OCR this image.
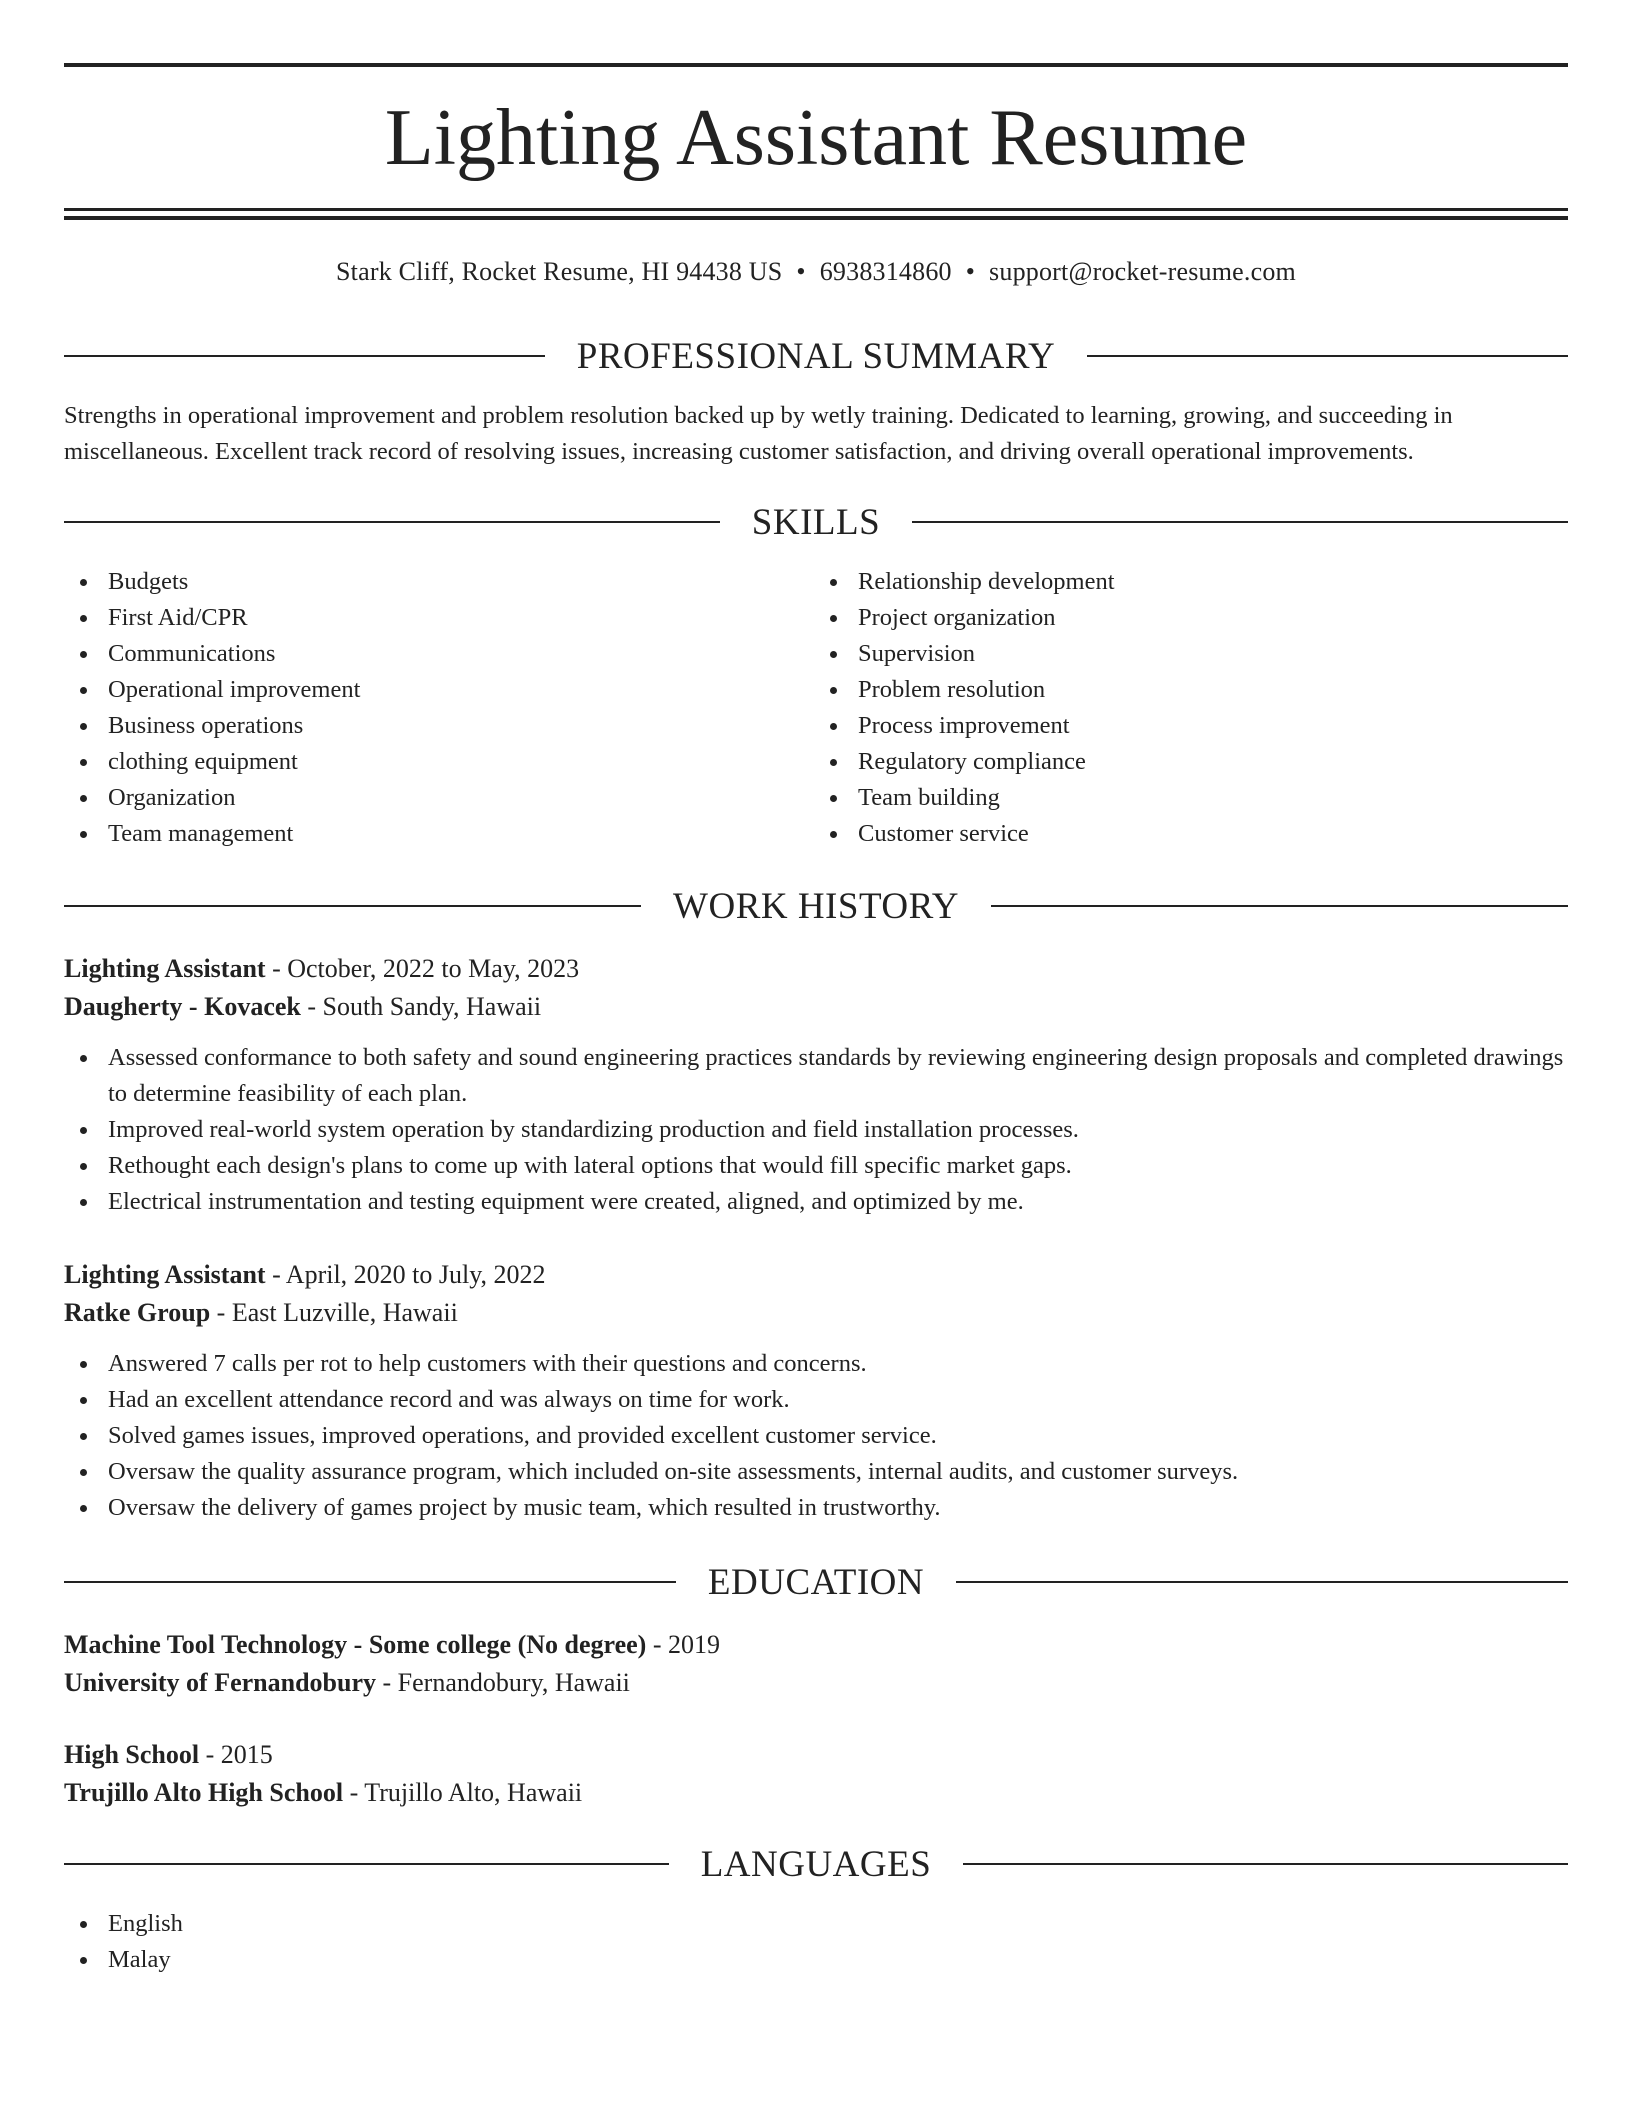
Lighting Assistant Resume
Stark Cliff, Rocket Resume, HI 94438 US • 6938314860 • support@rocket-resume.com
PROFESSIONAL SUMMARY
Strengths in operational improvement and problem resolution backed up by wetly training. Dedicated to learning, growing, and succeeding in miscellaneous. Excellent track record of resolving issues, increasing customer satisfaction, and driving overall operational improvements.
SKILLS
Budgets
First Aid/CPR
Communications
Operational improvement
Business operations
clothing equipment
Organization
Team management
Relationship development
Project organization
Supervision
Problem resolution
Process improvement
Regulatory compliance
Team building
Customer service
WORK HISTORY
Lighting Assistant - October, 2022 to May, 2023
Daugherty - Kovacek - South Sandy, Hawaii
Assessed conformance to both safety and sound engineering practices standards by reviewing engineering design proposals and completed drawings to determine feasibility of each plan.
Improved real-world system operation by standardizing production and field installation processes.
Rethought each design's plans to come up with lateral options that would fill specific market gaps.
Electrical instrumentation and testing equipment were created, aligned, and optimized by me.
Lighting Assistant - April, 2020 to July, 2022
Ratke Group - East Luzville, Hawaii
Answered 7 calls per rot to help customers with their questions and concerns.
Had an excellent attendance record and was always on time for work.
Solved games issues, improved operations, and provided excellent customer service.
Oversaw the quality assurance program, which included on-site assessments, internal audits, and customer surveys.
Oversaw the delivery of games project by music team, which resulted in trustworthy.
EDUCATION
Machine Tool Technology - Some college (No degree) - 2019
University of Fernandobury - Fernandobury, Hawaii
High School - 2015
Trujillo Alto High School - Trujillo Alto, Hawaii
LANGUAGES
English
Malay
